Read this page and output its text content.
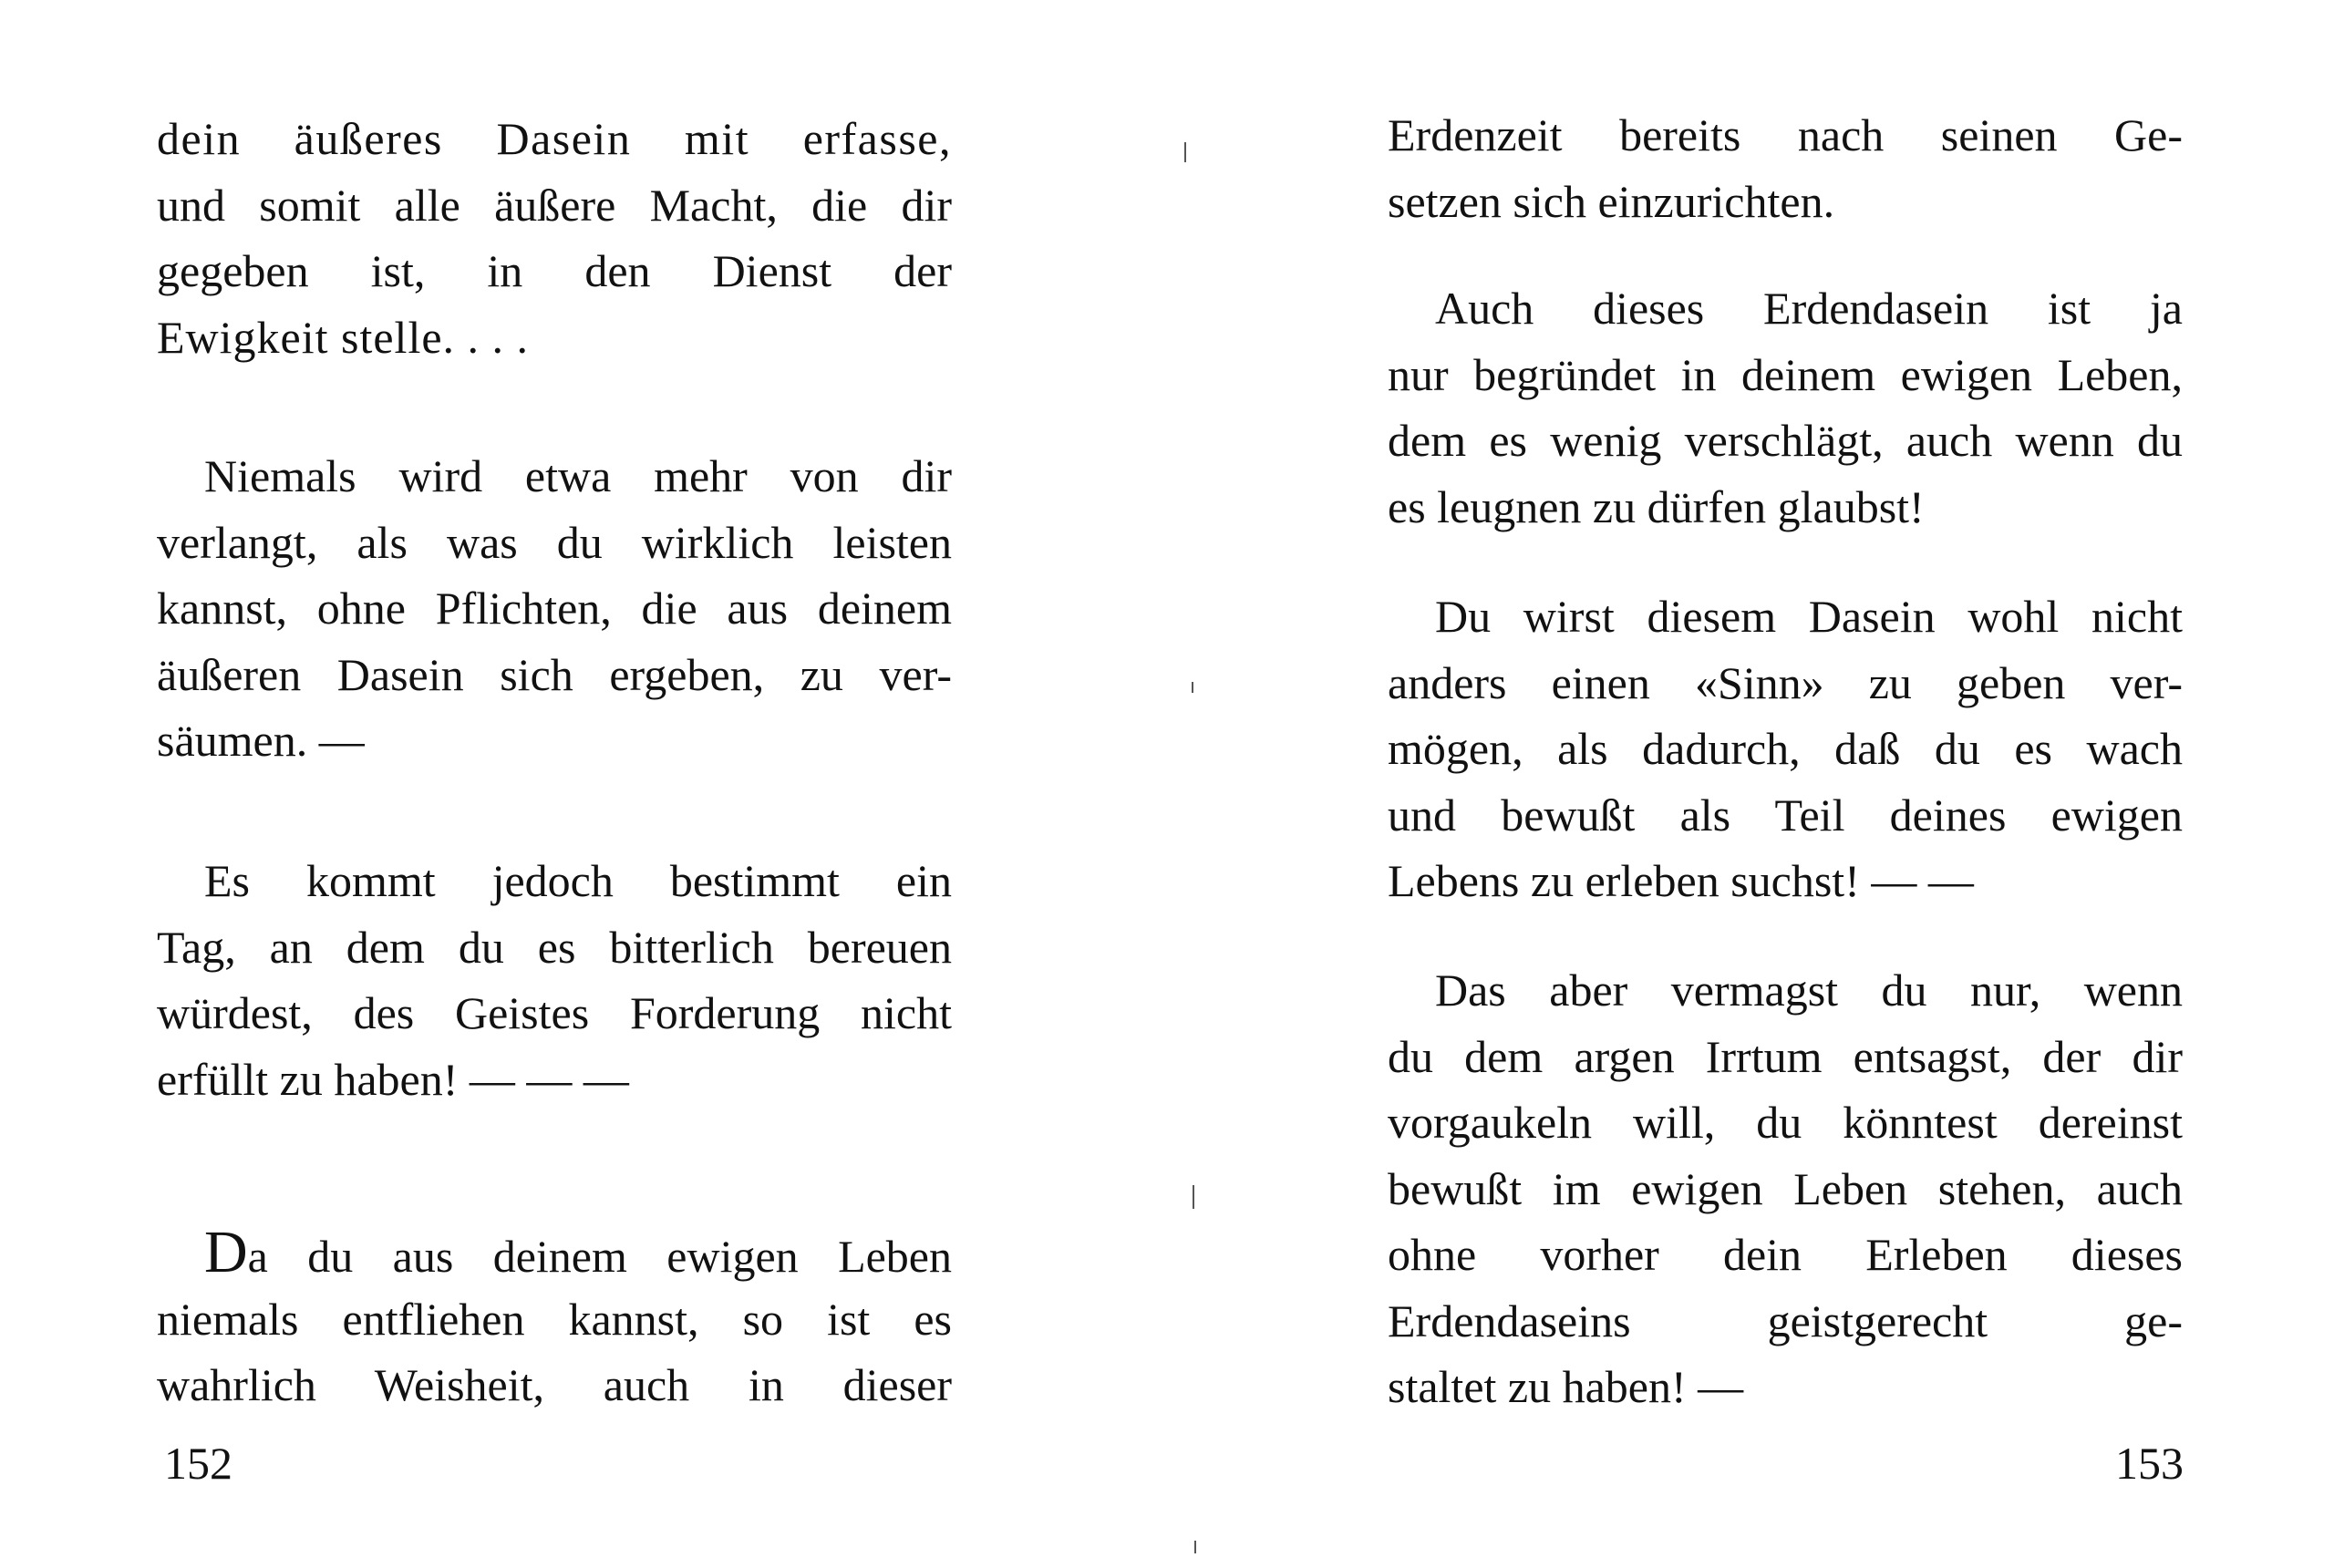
dein äußeres Dasein mit erfasse,
und somit alle äußere Macht, die dir
gegeben ist, in den Dienst der
Ewigkeit stelle. . . .
Niemals wird etwa mehr von dir
verlangt, als was du wirklich leisten
kannst, ohne Pflichten, die aus deinem
äußeren Dasein sich ergeben, zu ver-
säumen. —
Es kommt jedoch bestimmt ein
Tag, an dem du es bitterlich bereuen
würdest, des Geistes Forderung nicht
erfüllt zu haben! — — —
Da du aus deinem ewigen Leben
niemals entfliehen kannst, so ist es
wahrlich Weisheit, auch in dieser
152
Erdenzeit bereits nach seinen Ge-
setzen sich einzurichten.
Auch dieses Erdendasein ist ja
nur begründet in deinem ewigen Leben,
dem es wenig verschlägt, auch wenn du
es leugnen zu dürfen glaubst!
Du wirst diesem Dasein wohl nicht
anders einen «Sinn» zu geben ver-
mögen, als dadurch, daß du es wach
und bewußt als Teil deines ewigen
Lebens zu erleben suchst! — —
Das aber vermagst du nur, wenn
du dem argen Irrtum entsagst, der dir
vorgaukeln will, du könntest dereinst
bewußt im ewigen Leben stehen, auch
ohne vorher dein Erleben dieses
Erdendaseins geistgerecht ge-
staltet zu haben! —
153
